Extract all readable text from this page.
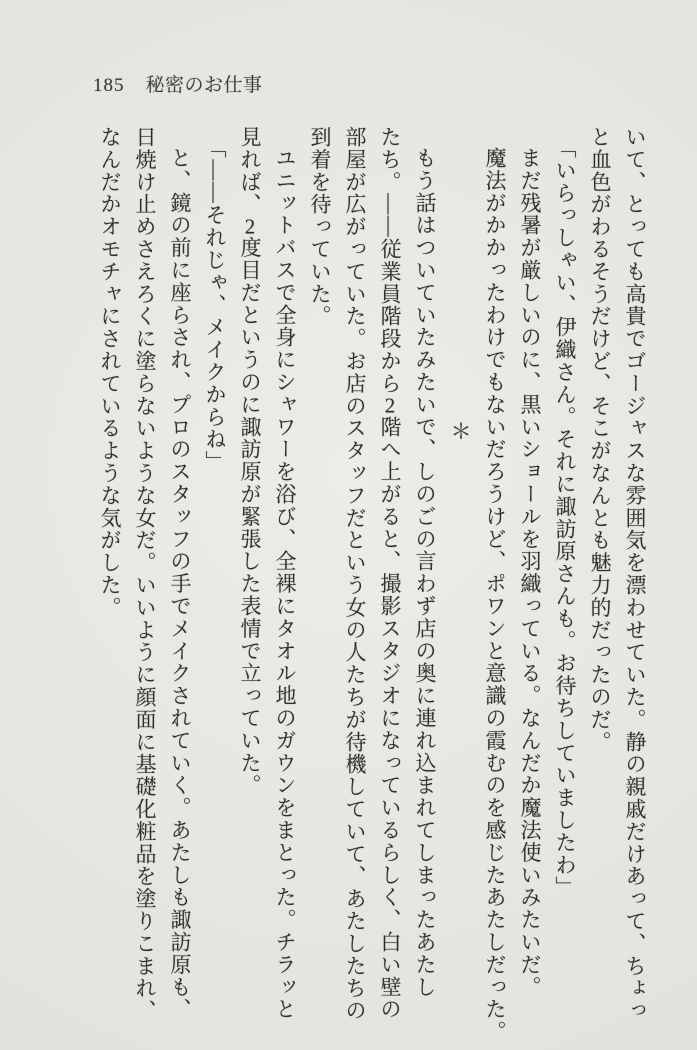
185 秘密のお仕事
いて、とっても高貴でゴージャスな雰囲気を漂わせていた。静の親戚だけあって、ちょっ
と血色がわるそうだけど、そこがなんとも魅力的だったのだ。
「いらっしゃい、伊織さん。それに諏訪原さんも。お待ちしていましたわ」
まだ残暑が厳しいのに、黒いショールを羽織っている。なんだか魔法使いみたいだ。
魔法がかかったわけでもないだろうけど、ポワンと意識の霞むのを感じたあたしだった。
＊
もう話はついていたみたいで、しのごの言わず店の奥に連れ込まれてしまったあたし
たち。――従業員階段から2階へ上がると、撮影スタジオになっているらしく、白い壁の
部屋が広がっていた。お店のスタッフだという女の人たちが待機していて、あたしたちの
到着を待っていた。
ユニットバスで全身にシャワーを浴び、全裸にタオル地のガウンをまとった。チラッと
見れば、2度目だというのに諏訪原が緊張した表情で立っていた。
「――それじゃ、メイクからね」
と、鏡の前に座らされ、プロのスタッフの手でメイクされていく。あたしも諏訪原も、
日焼け止めさえろくに塗らないような女だ。いいように顔面に基礎化粧品を塗りこまれ、
なんだかオモチャにされているような気がした。
